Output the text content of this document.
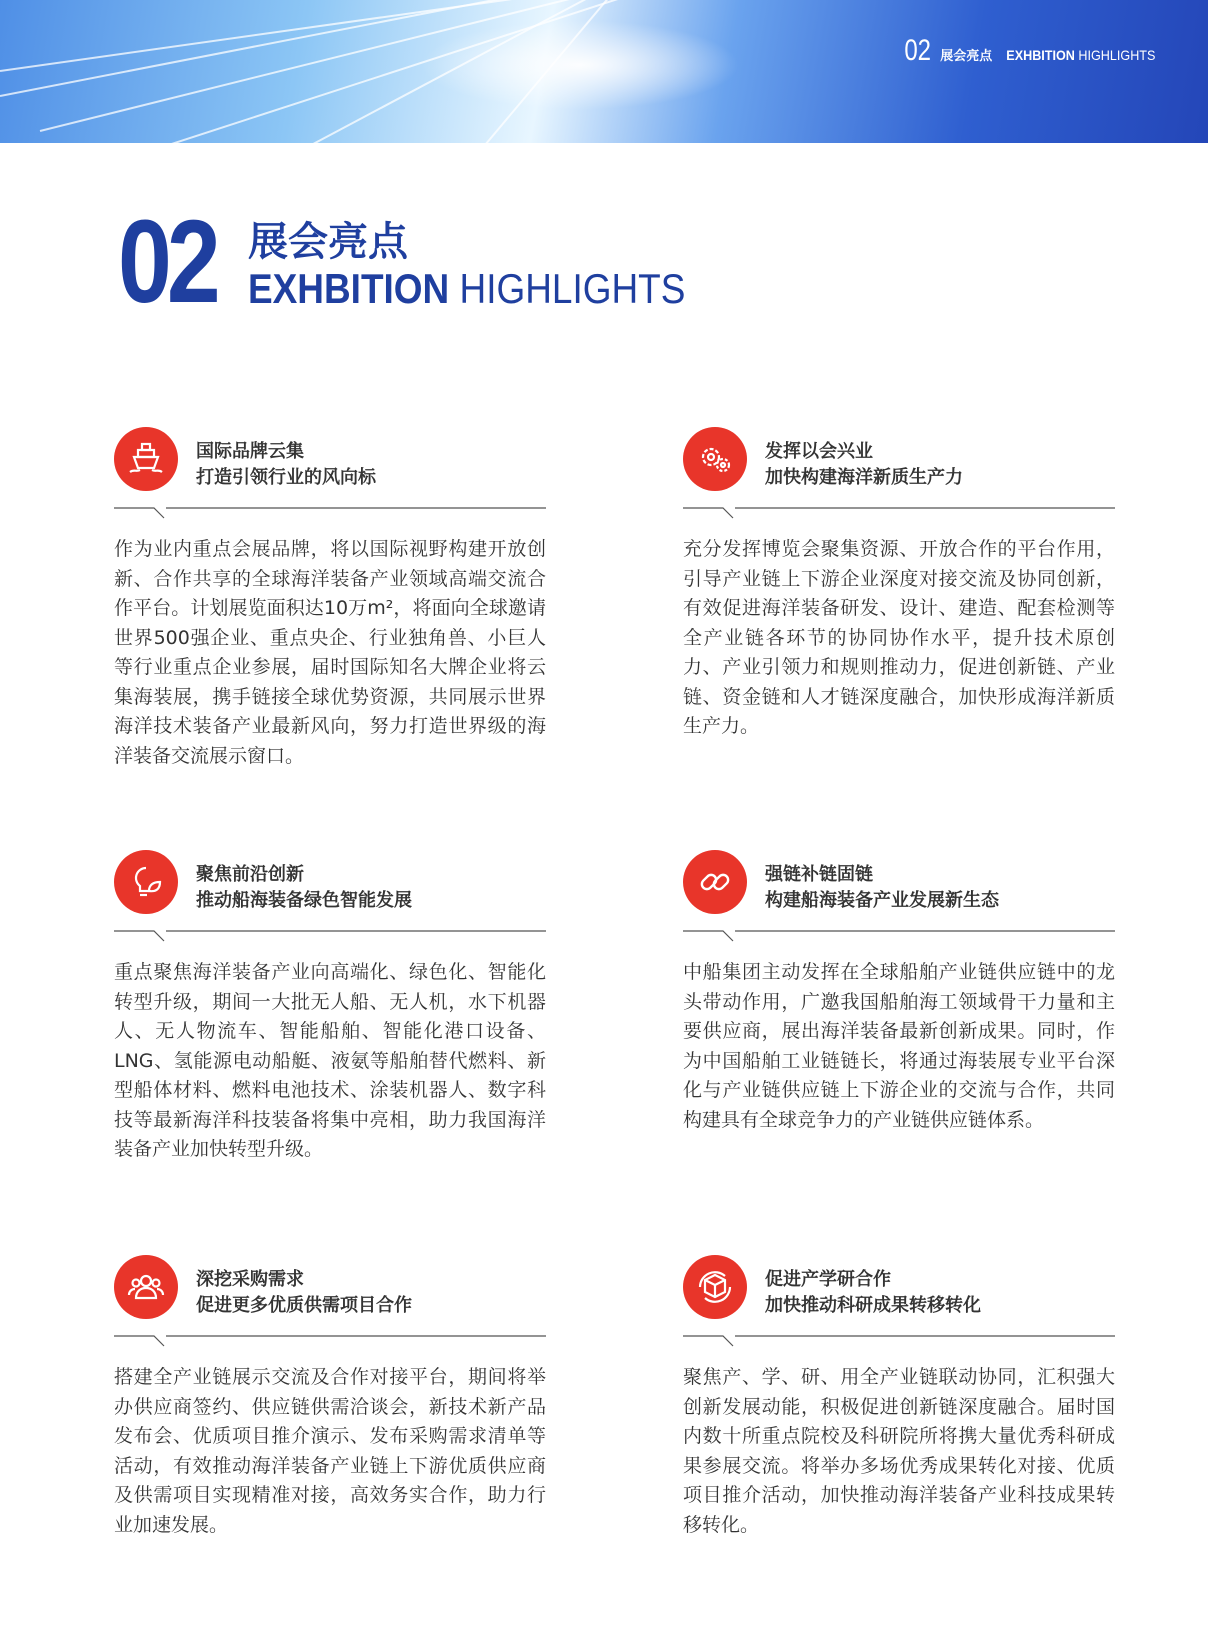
02 展会亮点 EXHBITION HIGHLIGHTS
02 展会亮点
EXHBITION HIGHLIGHTS
国际品牌云集
打造引领行业的风向标
作为业内重点会展品牌，将以国际视野构建开放创新、合作共享的全球海洋装备产业领域高端交流合作平台。计划展览面积达10万m²，将面向全球邀请世界500强企业、重点央企、行业独角兽、小巨人等行业重点企业参展，届时国际知名大牌企业将云集海装展，携手链接全球优势资源，共同展示世界海洋技术装备产业最新风向，努力打造世界级的海洋装备交流展示窗口。
发挥以会兴业
加快构建海洋新质生产力
充分发挥博览会聚集资源、开放合作的平台作用，引导产业链上下游企业深度对接交流及协同创新，有效促进海洋装备研发、设计、建造、配套检测等全产业链各环节的协同协作水平，提升技术原创力、产业引领力和规则推动力，促进创新链、产业链、资金链和人才链深度融合，加快形成海洋新质生产力。
聚焦前沿创新
推动船海装备绿色智能发展
重点聚焦海洋装备产业向高端化、绿色化、智能化转型升级，期间一大批无人船、无人机，水下机器人、无人物流车、智能船舶、智能化港口设备、LNG、氢能源电动船艇、液氨等船舶替代燃料、新型船体材料、燃料电池技术、涂装机器人、数字科技等最新海洋科技装备将集中亮相，助力我国海洋装备产业加快转型升级。
强链补链固链
构建船海装备产业发展新生态
中船集团主动发挥在全球船舶产业链供应链中的龙头带动作用，广邀我国船舶海工领域骨干力量和主要供应商，展出海洋装备最新创新成果。同时，作为中国船舶工业链链长，将通过海装展专业平台深化与产业链供应链上下游企业的交流与合作，共同构建具有全球竞争力的产业链供应链体系。
深挖采购需求
促进更多优质供需项目合作
搭建全产业链展示交流及合作对接平台，期间将举办供应商签约、供应链供需洽谈会，新技术新产品发布会、优质项目推介演示、发布采购需求清单等活动，有效推动海洋装备产业链上下游优质供应商及供需项目实现精准对接，高效务实合作，助力行业加速发展。
促进产学研合作
加快推动科研成果转移转化
聚焦产、学、研、用全产业链联动协同，汇积强大创新发展动能，积极促进创新链深度融合。届时国内数十所重点院校及科研院所将携大量优秀科研成果参展交流。将举办多场优秀成果转化对接、优质项目推介活动，加快推动海洋装备产业科技成果转移转化。
